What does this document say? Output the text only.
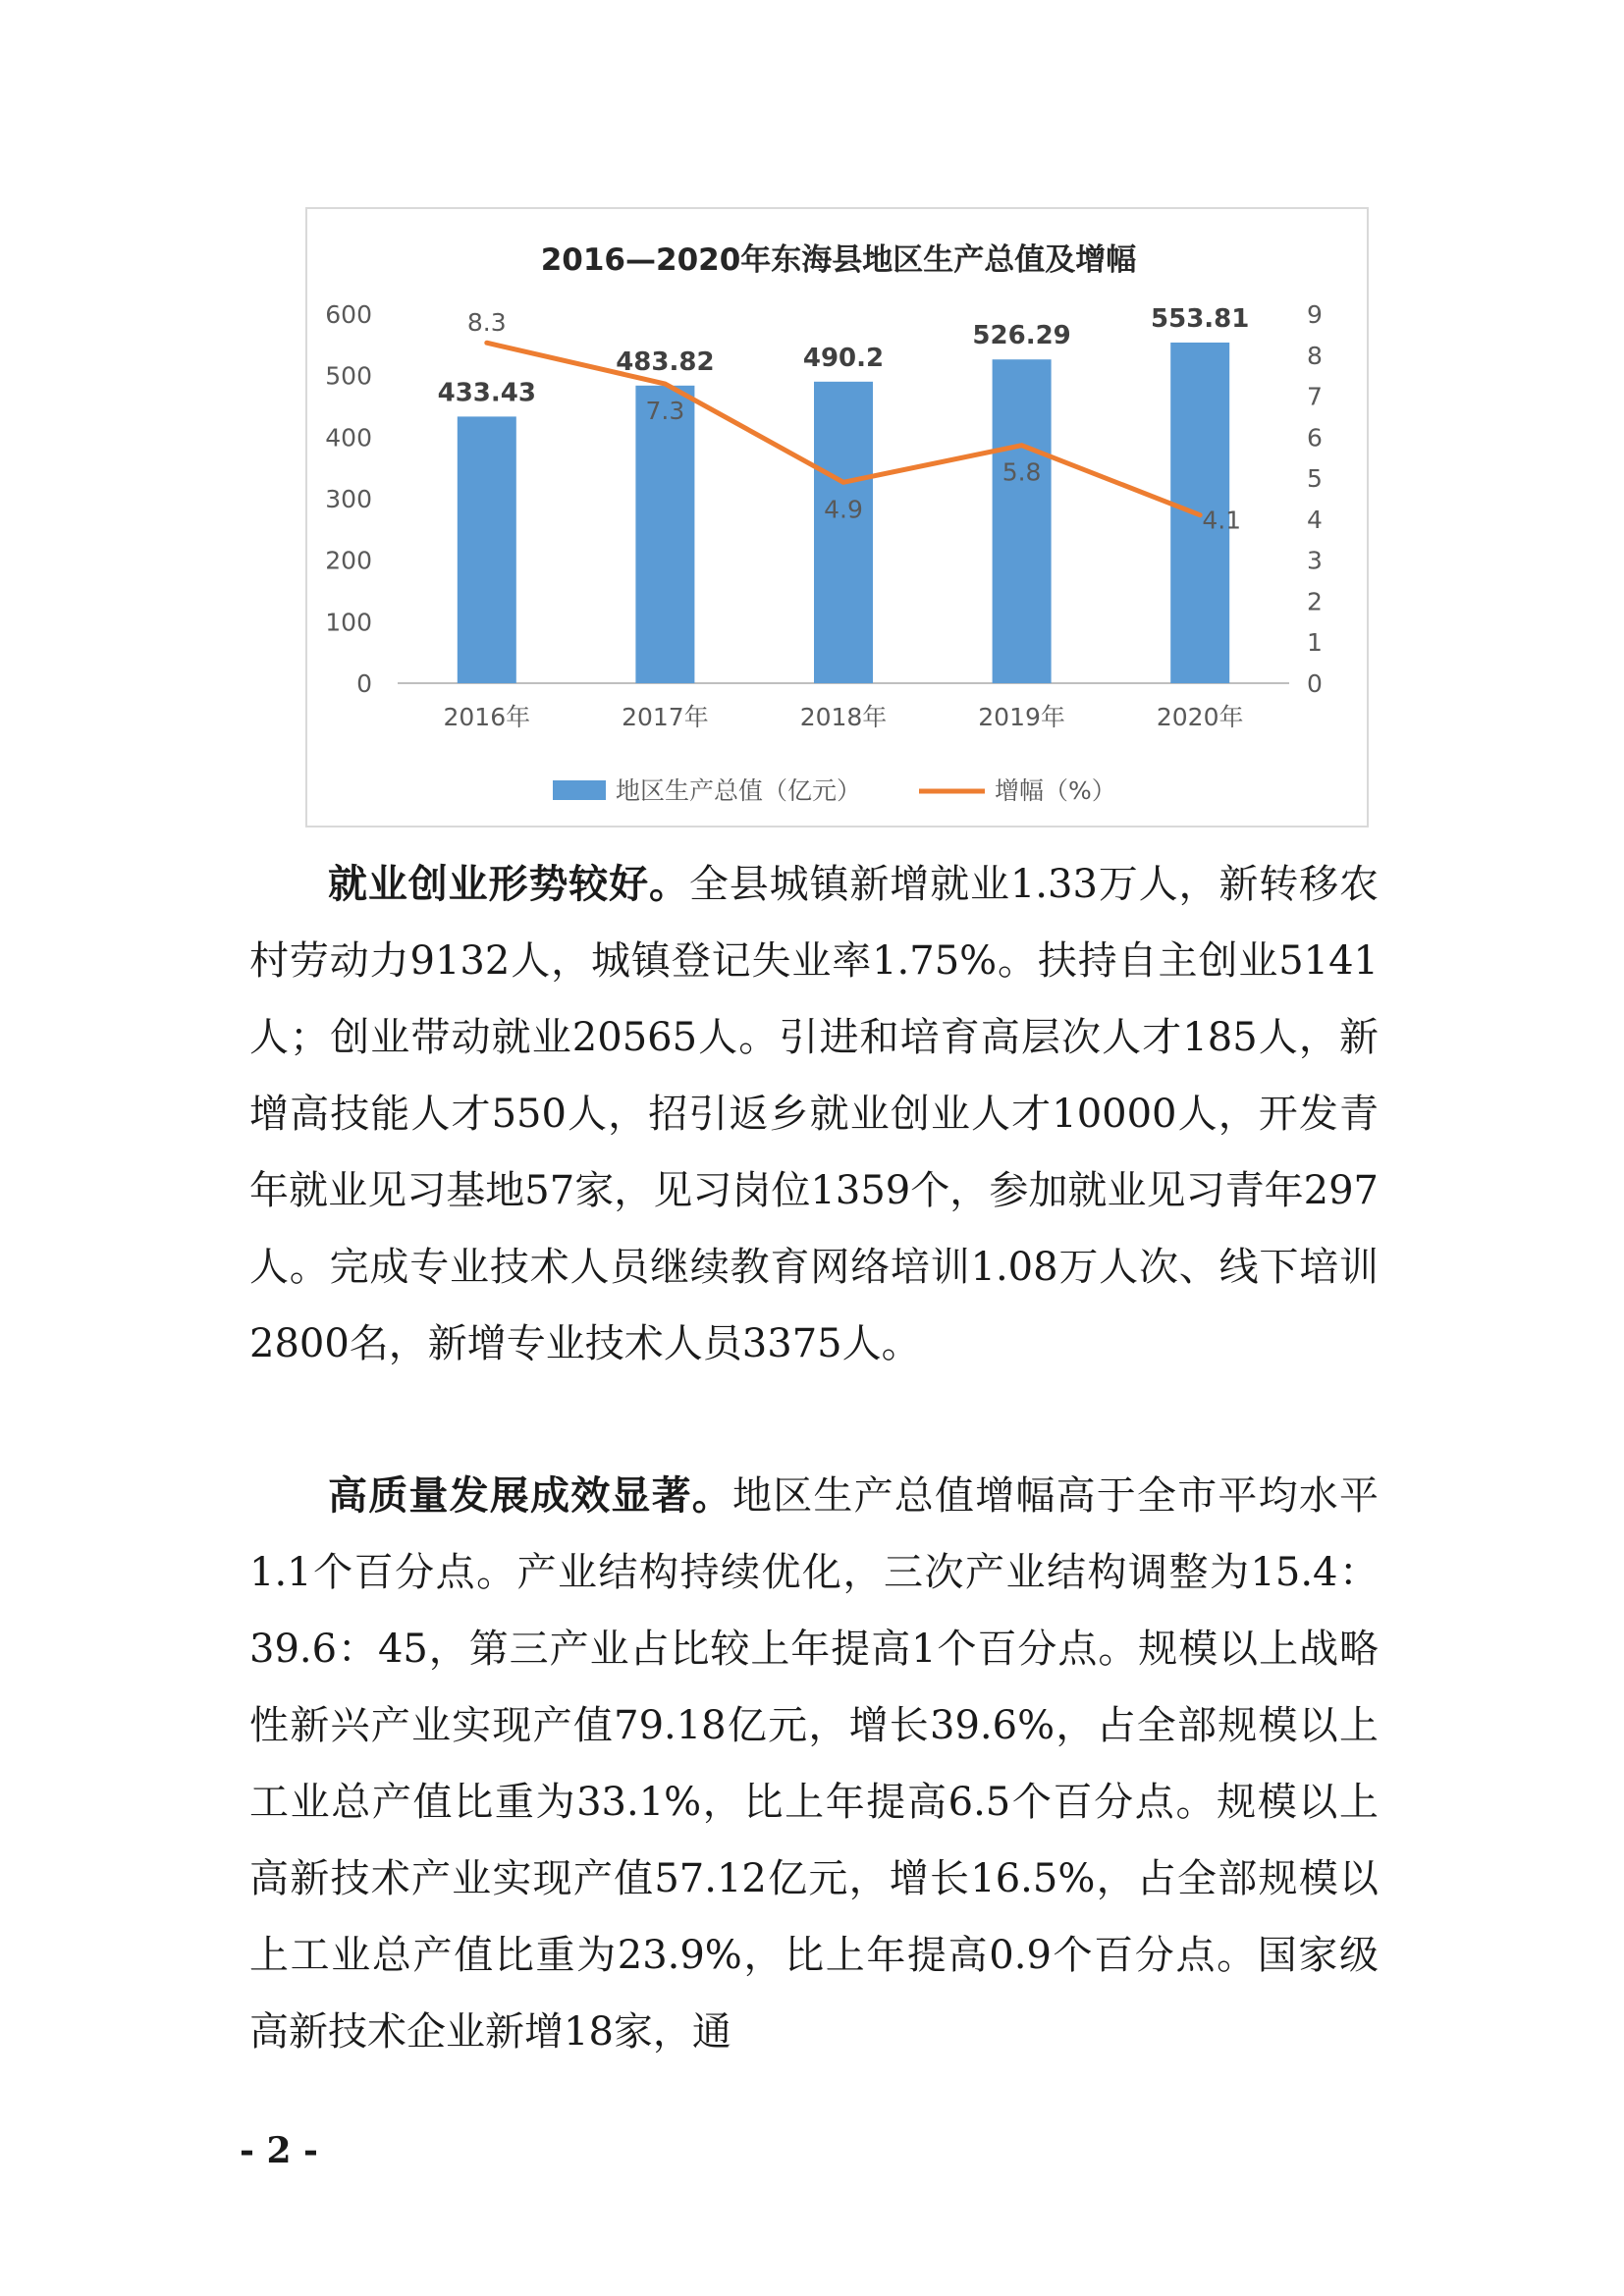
2016—2020年东海县地区生产总值及增幅
0
100
200
300
400
500
600
0
1
2
3
4
5
6
7
8
9
433.43
483.82	490.2
526.29
553.81
8.3
7.3
4.9
5.8
4.1
2016年	2017年	2018年	2019年	2020年
地区生产总值（亿元）	增幅（%）

就业创业形势较好。全县城镇新增就业1.33万人，新转移农村劳动力9132人，城镇登记失业率1.75%。扶持自主创业5141人；创业带动就业20565人。引进和培育高层次人才185人，新增高技能人才550人，招引返乡就业创业人才10000人，开发青年就业见习基地57家，见习岗位1359个，参加就业见习青年297人。完成专业技术人员继续教育网络培训1.08万人次、线下培训2800名，新增专业技术人员3375人。

高质量发展成效显著。地区生产总值增幅高于全市平均水平1.1个百分点。产业结构持续优化，三次产业结构调整为15.4：39.6：45，第三产业占比较上年提高1个百分点。规模以上战略性新兴产业实现产值79.18亿元，增长39.6%，占全部规模以上工业总产值比重为33.1%，比上年提高6.5个百分点。规模以上高新技术产业实现产值57.12亿元，增长16.5%，占全部规模以上工业总产值比重为23.9%，比上年提高0.9个百分点。国家级高新技术企业新增18家，通

- 2 -
